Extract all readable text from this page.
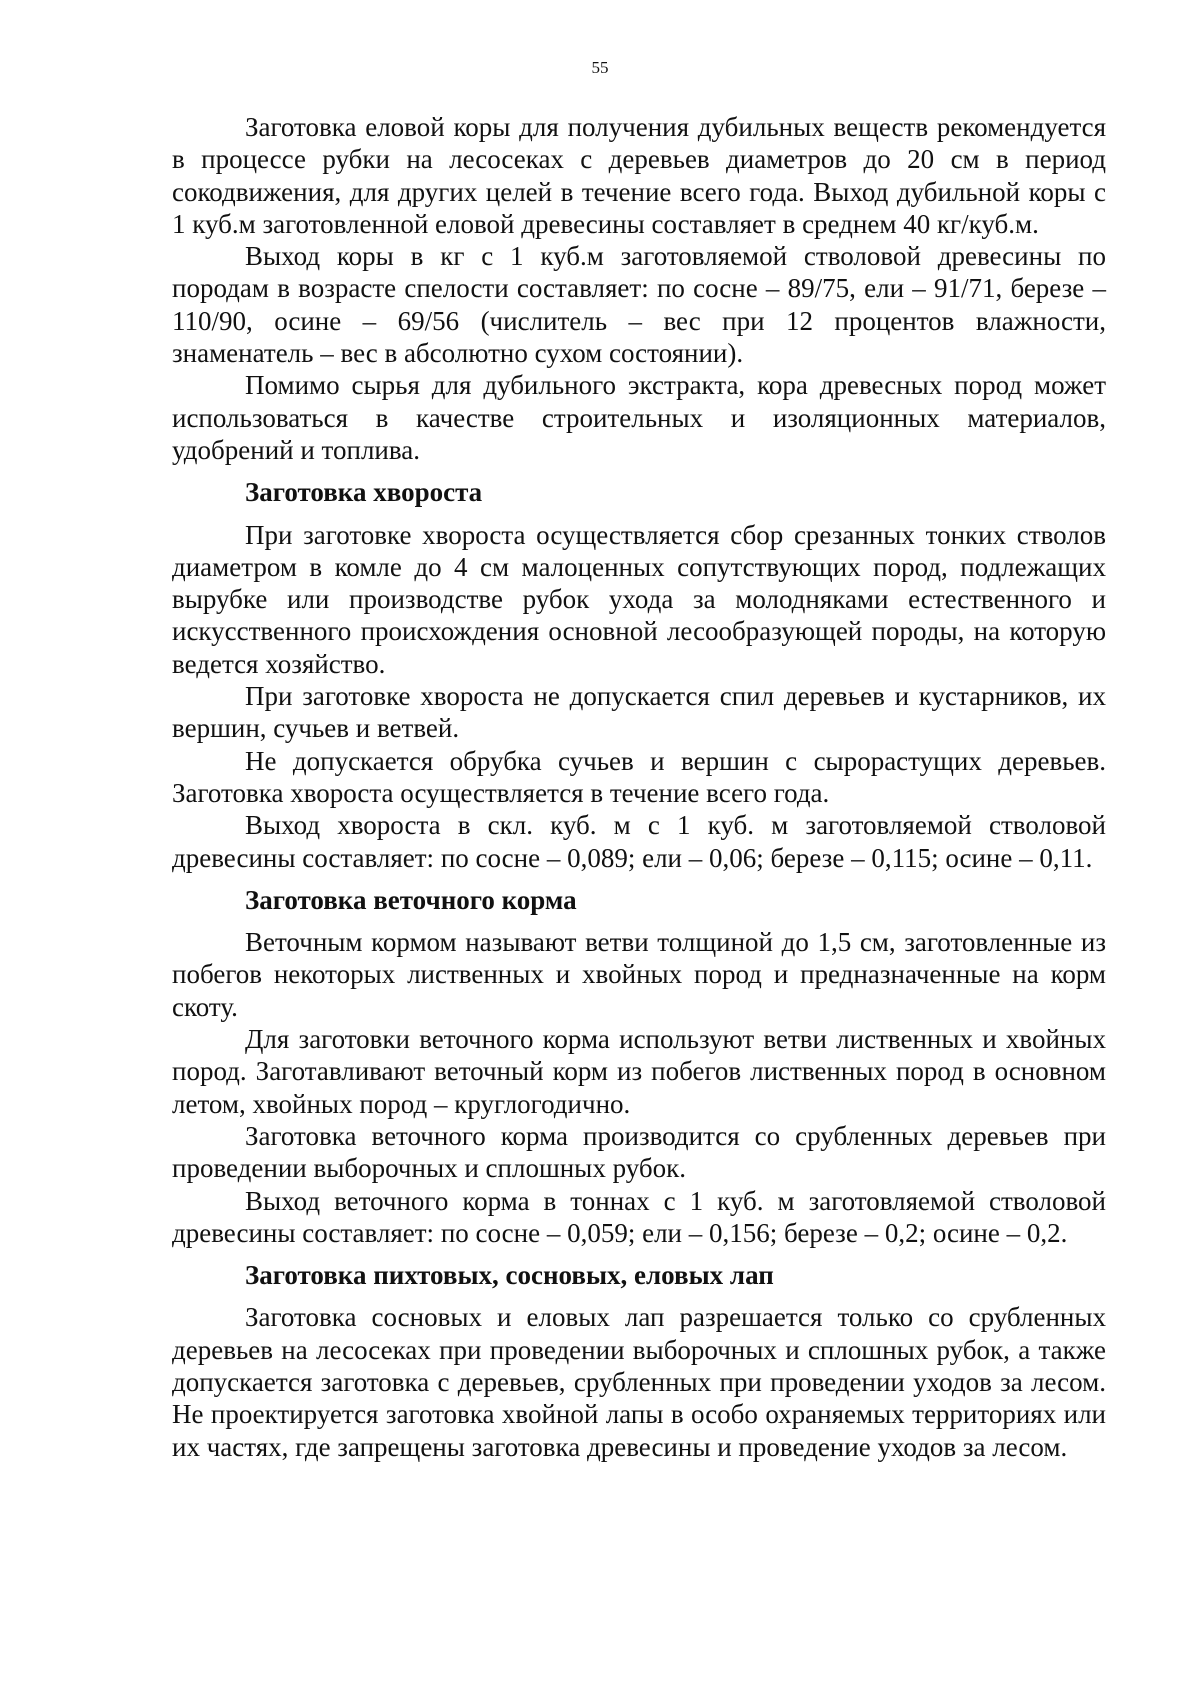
55

Заготовка еловой коры для получения дубильных веществ рекомендуется в процессе рубки на лесосеках с деревьев диаметров до 20 см в период сокодвижения, для других целей в течение всего года. Выход дубильной коры с 1 куб.м заготовленной еловой древесины составляет в среднем 40 кг/куб.м.

Выход коры в кг с 1 куб.м заготовляемой стволовой древесины по породам в возрасте спелости составляет: по сосне – 89/75, ели – 91/71, березе – 110/90, осине – 69/56 (числитель – вес при 12 процентов влажности, знаменатель – вес в абсолютно сухом состоянии).

Помимо сырья для дубильного экстракта, кора древесных пород может использоваться в качестве строительных и изоляционных материалов, удобрений и топлива.

Заготовка хвороста

При заготовке хвороста осуществляется сбор срезанных тонких стволов диаметром в комле до 4 см малоценных сопутствующих пород, подлежащих вырубке или производстве рубок ухода за молодняками естественного и искусственного происхождения основной лесообразующей породы, на которую ведется хозяйство.

При заготовке хвороста не допускается спил деревьев и кустарников, их вершин, сучьев и ветвей.

Не допускается обрубка сучьев и вершин с сырорастущих деревьев. Заготовка хвороста осуществляется в течение всего года.

Выход хвороста в скл. куб. м с 1 куб. м заготовляемой стволовой древесины составляет: по сосне – 0,089; ели – 0,06; березе – 0,115; осине – 0,11.

Заготовка веточного корма

Веточным кормом называют ветви толщиной до 1,5 см, заготовленные из побегов некоторых лиственных и хвойных пород и предназначенные на корм скоту.

Для заготовки веточного корма используют ветви лиственных и хвойных пород. Заготавливают веточный корм из побегов лиственных пород в основном летом, хвойных пород – круглогодично.

Заготовка веточного корма производится со срубленных деревьев при проведении выборочных и сплошных рубок.

Выход веточного корма в тоннах с 1 куб. м заготовляемой стволовой древесины составляет: по сосне – 0,059; ели – 0,156; березе – 0,2; осине – 0,2.

Заготовка пихтовых, сосновых, еловых лап

Заготовка сосновых и еловых лап разрешается только со срубленных деревьев на лесосеках при проведении выборочных и сплошных рубок, а также допускается заготовка с деревьев, срубленных при проведении уходов за лесом. Не проектируется заготовка хвойной лапы в особо охраняемых территориях или их частях, где запрещены заготовка древесины и проведение уходов за лесом.
